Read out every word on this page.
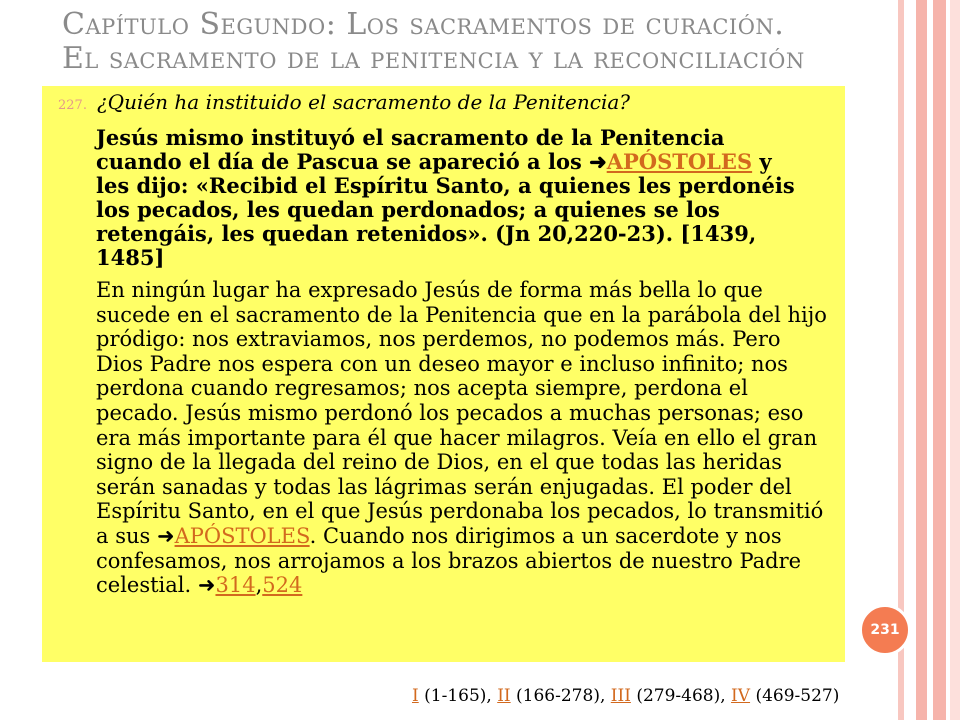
Capítulo Segundo: Los sacramentos de curación.
El sacramento de la penitencia y la reconciliación
227. ¿Quién ha instituido el sacramento de la Penitencia?

Jesús mismo instituyó el sacramento de la Penitencia cuando el día de Pascua se apareció a los ➜APÓSTOLES y les dijo: «Recibid el Espíritu Santo, a quienes les perdonéis los pecados, les quedan perdonados; a quienes se los retengáis, les quedan retenidos». (Jn 20,220-23). [1439, 1485]

En ningún lugar ha expresado Jesús de forma más bella lo que sucede en el sacramento de la Penitencia que en la parábola del hijo pródigo: nos extraviamos, nos perdemos, no podemos más. Pero Dios Padre nos espera con un deseo mayor e incluso infinito; nos perdona cuando regresamos; nos acepta siempre, perdona el pecado. Jesús mismo perdonó los pecados a muchas personas; eso era más importante para él que hacer milagros. Veía en ello el gran signo de la llegada del reino de Dios, en el que todas las heridas serán sanadas y todas las lágrimas serán enjugadas. El poder del Espíritu Santo, en el que Jesús perdonaba los pecados, lo transmitió a sus ➜APÓSTOLES. Cuando nos dirigimos a un sacerdote y nos confesamos, nos arrojamos a los brazos abiertos de nuestro Padre celestial. ➜314,524

231
I (1-165), II (166-278), III (279-468), IV (469-527)
